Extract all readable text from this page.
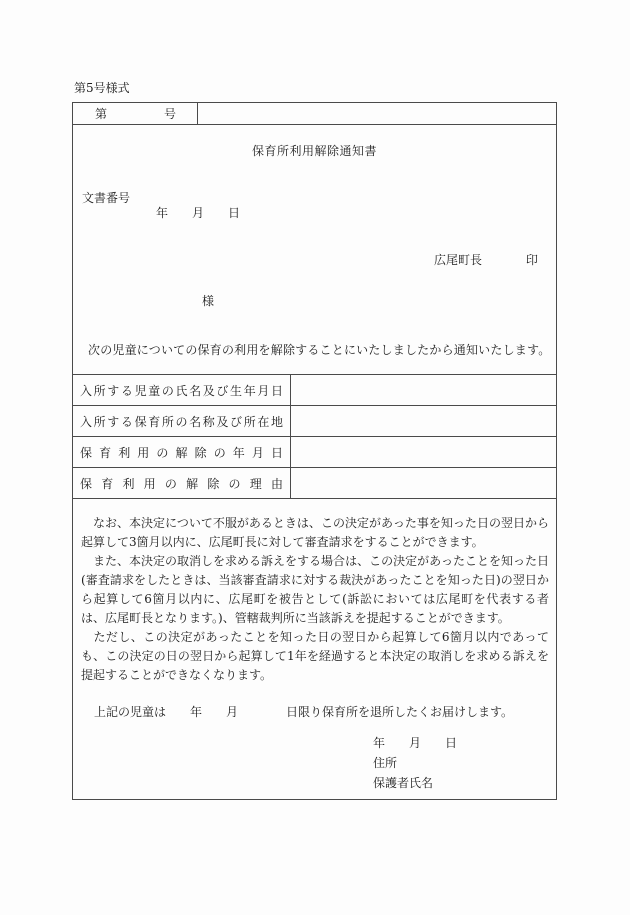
第5号様式
第	号
保育所利用解除通知書
文書番号
年　　月　　日
広尾町長	印
様
次の児童についての保育の利用を解除することにいたしましたから通知いたします。
入所する児童の氏名及び生年月日
入所する保育所の名称及び所在地
保育利用の解除の年月日
保育利用の解除の理由

　なお、本決定について不服があるときは、この決定があった事を知った日の翌日から起算して3箇月以内に、広尾町長に対して審査請求をすることができます。

　また、本決定の取消しを求める訴えをする場合は、この決定があったことを知った日(審査請求をしたときは、当該審査請求に対する裁決があったことを知った日)の翌日から起算して6箇月以内に、広尾町を被告として(訴訟においては広尾町を代表する者は、広尾町長となります。)、管轄裁判所に当該訴えを提起することができます。

　ただし、この決定があったことを知った日の翌日から起算して6箇月以内であっても、この決定の日の翌日から起算して1年を経過すると本決定の取消しを求める訴えを提起することができなくなります。

　上記の児童は　　年　　月　　　　日限り保育所を退所したくお届けします。
年　　月　　日
住所
保護者氏名
